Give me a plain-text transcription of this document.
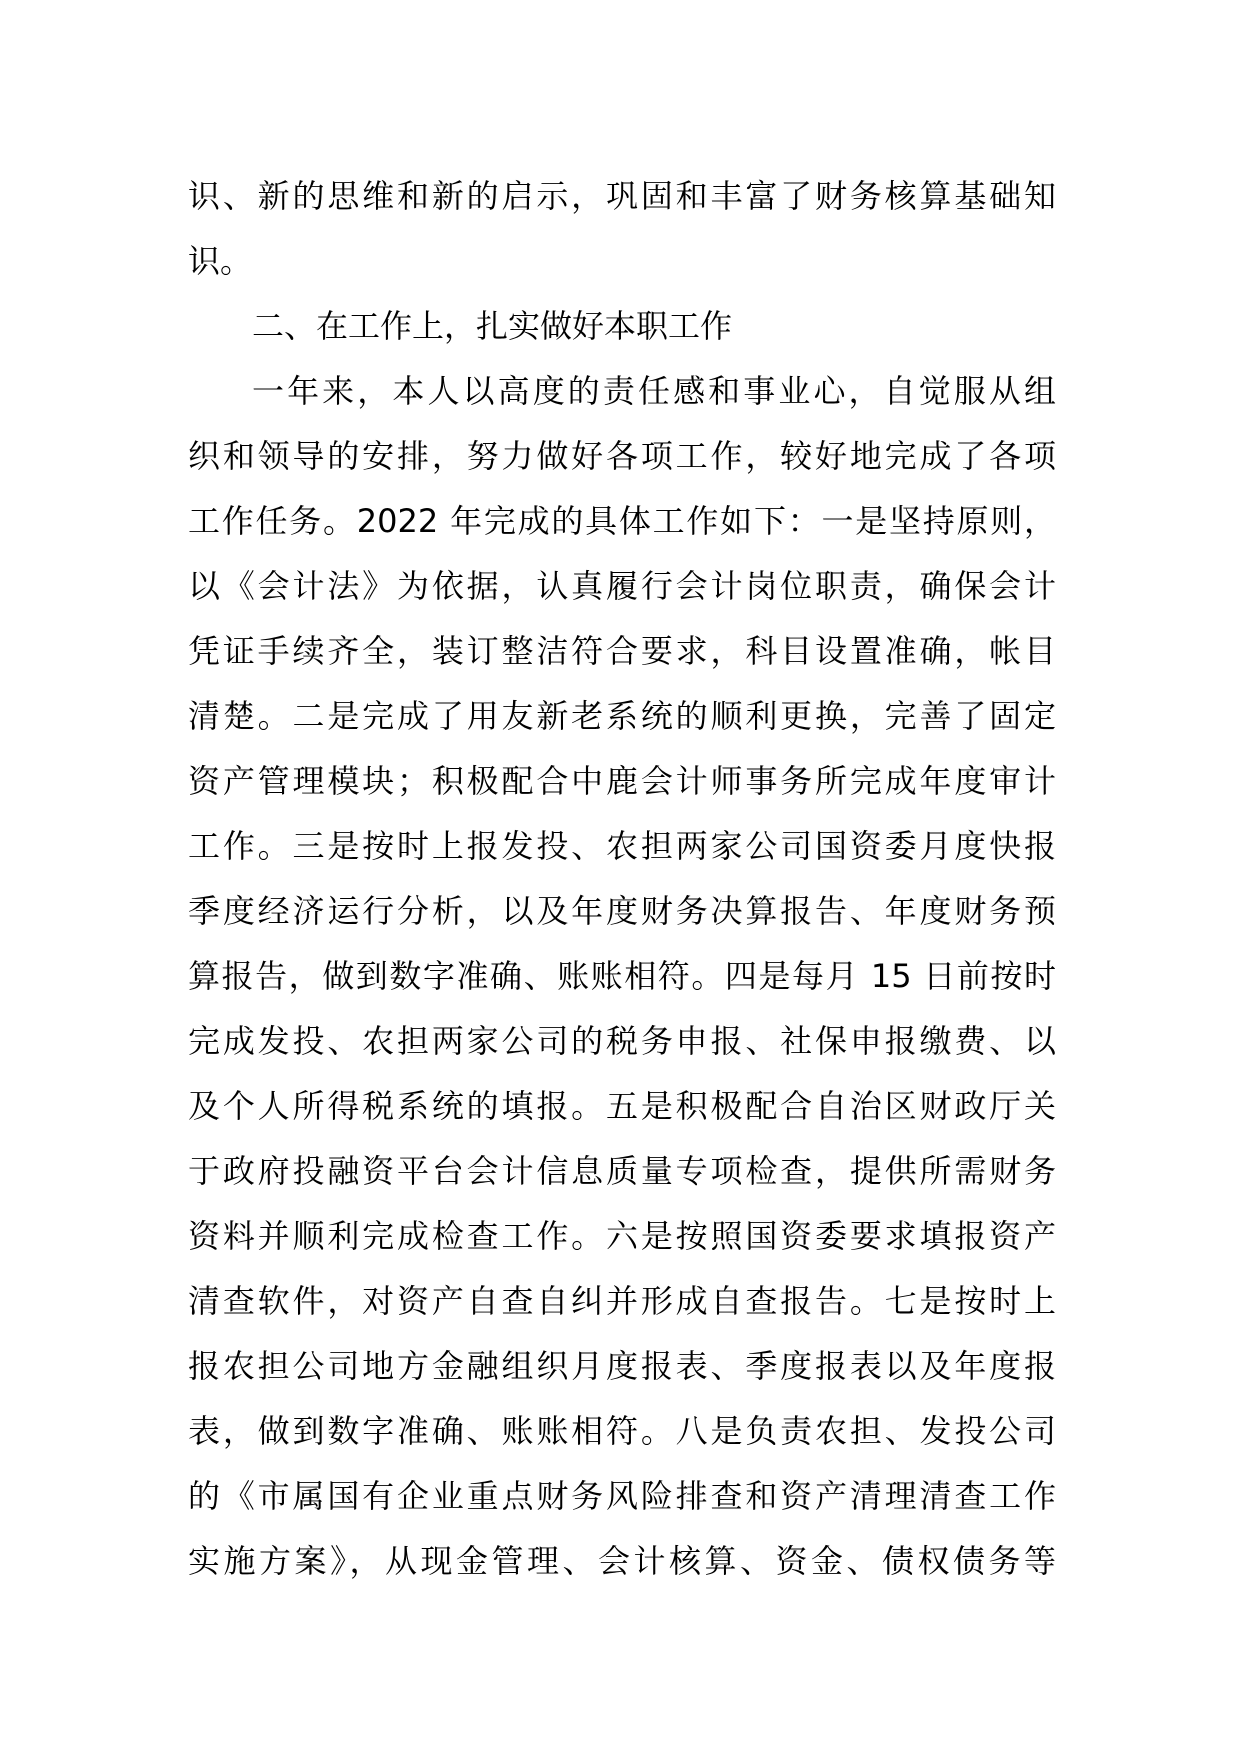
识、新的思维和新的启示，巩固和丰富了财务核算基础知
识。
二、在工作上，扎实做好本职工作
一年来，本人以高度的责任感和事业心，自觉服从组
织和领导的安排，努力做好各项工作，较好地完成了各项
工作任务。2022 年完成的具体工作如下：一是坚持原则，
以《会计法》为依据，认真履行会计岗位职责，确保会计
凭证手续齐全，装订整洁符合要求，科目设置准确，帐目
清楚。二是完成了用友新老系统的顺利更换，完善了固定
资产管理模块；积极配合中鹿会计师事务所完成年度审计
工作。三是按时上报发投、农担两家公司国资委月度快报
季度经济运行分析，以及年度财务决算报告、年度财务预
算报告，做到数字准确、账账相符。四是每月 15 日前按时
完成发投、农担两家公司的税务申报、社保申报缴费、以
及个人所得税系统的填报。五是积极配合自治区财政厅关
于政府投融资平台会计信息质量专项检查，提供所需财务
资料并顺利完成检查工作。六是按照国资委要求填报资产
清查软件，对资产自查自纠并形成自查报告。七是按时上
报农担公司地方金融组织月度报表、季度报表以及年度报
表，做到数字准确、账账相符。八是负责农担、发投公司
的《市属国有企业重点财务风险排查和资产清理清查工作
实施方案》，从现金管理、会计核算、资金、债权债务等
